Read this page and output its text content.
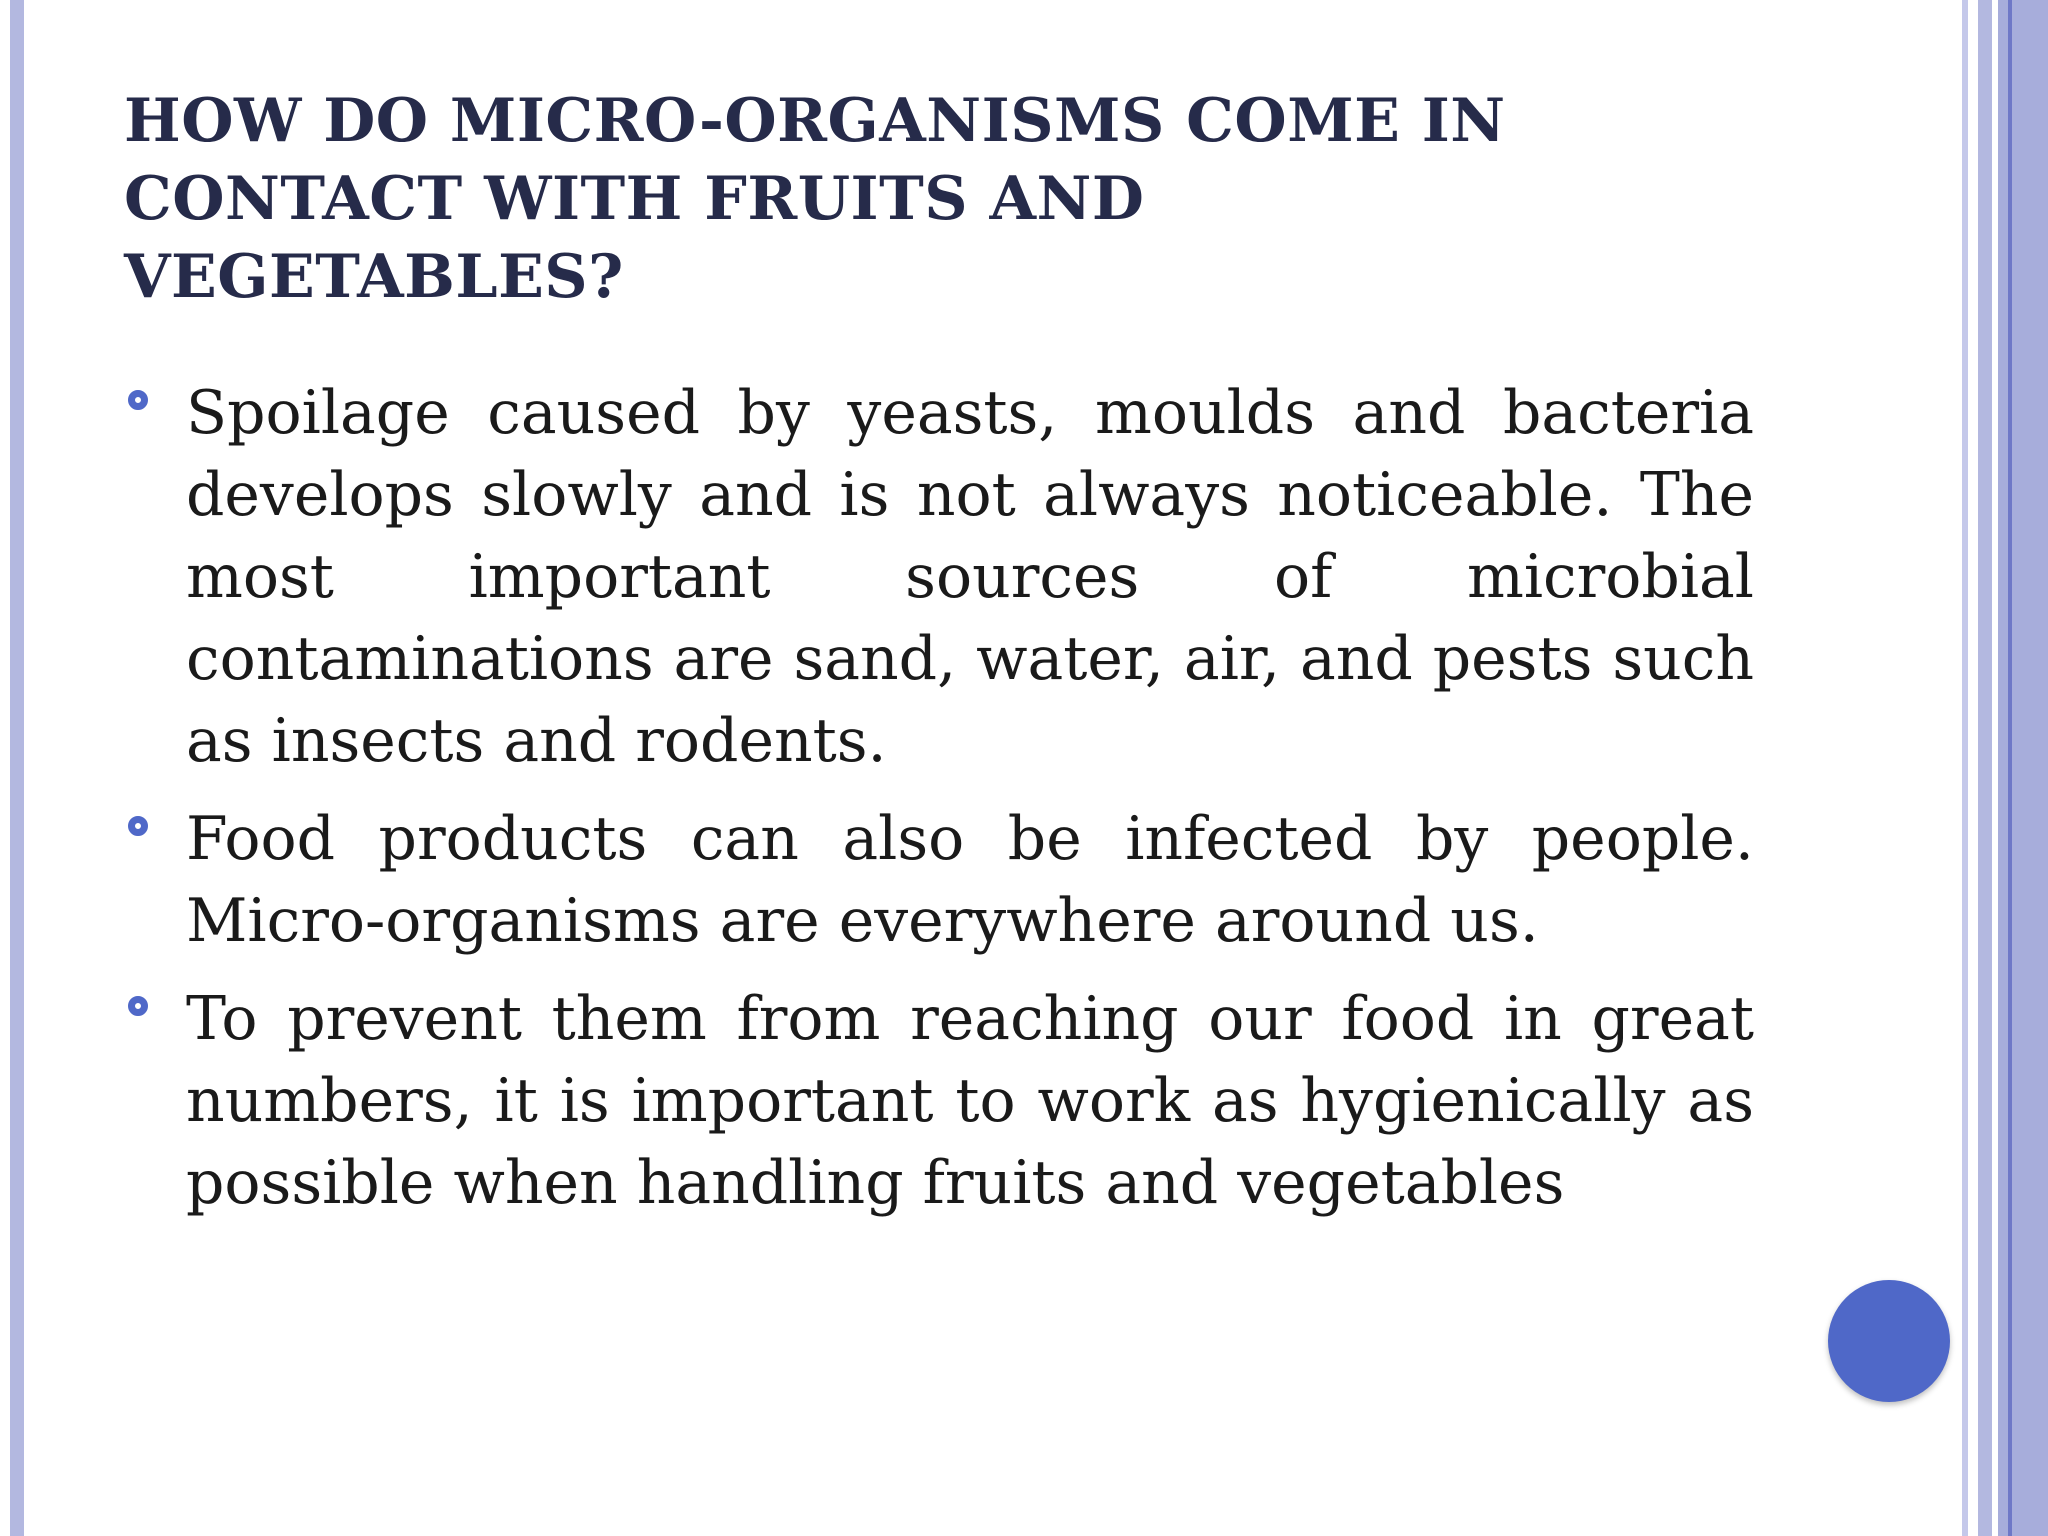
HOW DO MICRO-ORGANISMS COME IN CONTACT WITH FRUITS AND VEGETABLES?
Spoilage caused by yeasts, moulds and bacteria develops slowly and is not always noticeable. The most important sources of microbial contaminations are sand, water, air, and pests such as insects and rodents.
Food products can also be infected by people. Micro-organisms are everywhere around us.
To prevent them from reaching our food in great numbers, it is important to work as hygienically as possible when handling fruits and vegetables
